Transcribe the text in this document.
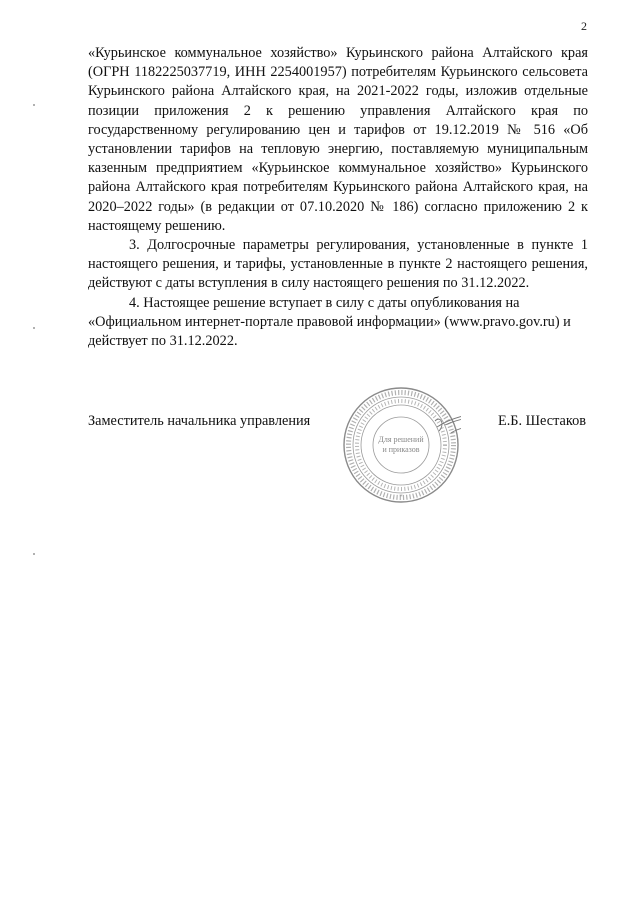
2

«Курьинское коммунальное хозяйство» Курьинского района Алтайского края (ОГРН 1182225037719, ИНН 2254001957) потребителям Курьинского сельсовета Курьинского района Алтайского края, на 2021-2022 годы, изложив отдельные позиции приложения 2 к решению управления Алтайского края по государственному регулированию цен и тарифов от 19.12.2019 № 516 «Об установлении тарифов на тепловую энергию, поставляемую муниципальным казенным предприятием «Курьинское коммунальное хозяйство» Курьинского района Алтайского края потребителям Курьинского района Алтайского края, на 2020–2022 годы» (в редакции от 07.10.2020 № 186) согласно приложению 2 к настоящему решению.

3. Долгосрочные параметры регулирования, установленные в пункте 1 настоящего решения, и тарифы, установленные в пункте 2 настоящего решения, действуют с даты вступления в силу настоящего решения по 31.12.2022.

4. Настоящее решение вступает в силу с даты опубликования на «Официальном интернет-портале правовой информации» (www.pravo.gov.ru) и действует по 31.12.2022.

Заместитель начальника управления	Е.Б. Шестаков
Для решений
и приказов
*
